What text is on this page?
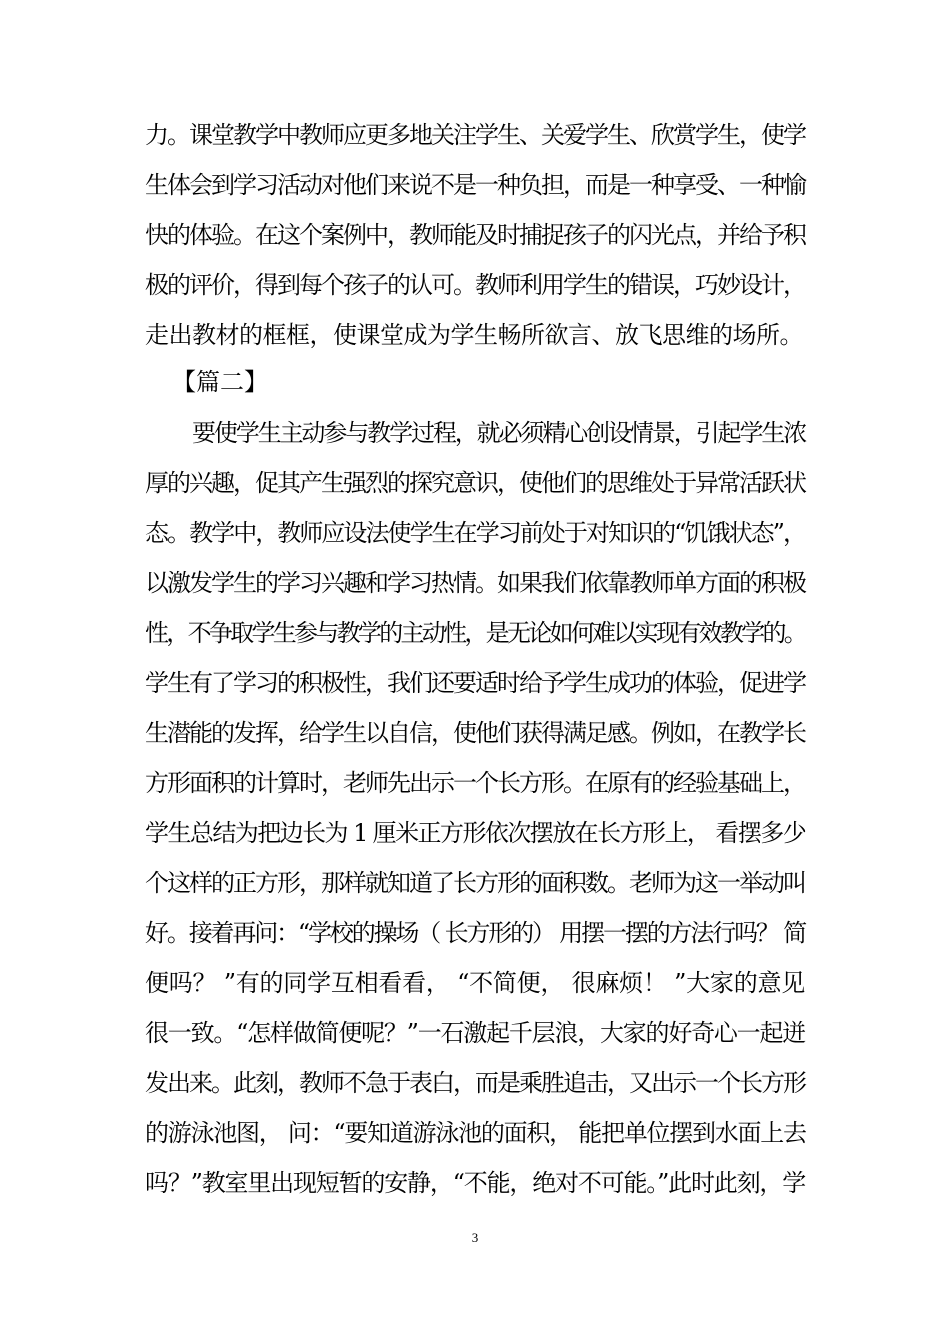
力。课堂教学中教师应更多地关注学生、关爱学生、欣赏学生，使学
生体会到学习活动对他们来说不是一种负担，而是一种享受、一种愉
快的体验。在这个案例中，教师能及时捕捉孩子的闪光点，并给予积
极的评价，得到每个孩子的认可。教师利用学生的错误，巧妙设计，
走出教材的框框，使课堂成为学生畅所欲言、放飞思维的场所。
【篇二】
要使学生主动参与教学过程，就必须精心创设情景，引起学生浓
厚的兴趣，促其产生强烈的探究意识，使他们的思维处于异常活跃状
态。教学中，教师应设法使学生在学习前处于对知识的“饥饿状态”，
以激发学生的学习兴趣和学习热情。如果我们依靠教师单方面的积极
性，不争取学生参与教学的主动性，是无论如何难以实现有效教学的。
学生有了学习的积极性，我们还要适时给予学生成功的体验，促进学
生潜能的发挥，给学生以自信，使他们获得满足感。例如，在教学长
方形面积的计算时，老师先出示一个长方形。在原有的经验基础上，
学生总结为把边长为 1 厘米正方形依次摆放在长方形上， 看摆多少
个这样的正方形，那样就知道了长方形的面积数。老师为这一举动叫
好。接着再问：“学校的操场（ 长方形的） 用摆一摆的方法行吗？ 简
便吗？ ”有的同学互相看看， “不简便， 很麻烦！ ”大家的意见
很一致。“怎样做简便呢？”一石激起千层浪，大家的好奇心一起迸
发出来。此刻，教师不急于表白，而是乘胜追击，又出示一个长方形
的游泳池图， 问：“要知道游泳池的面积， 能把单位摆到水面上去
吗？”教室里出现短暂的安静，“不能，绝对不可能。”此时此刻，学
3
